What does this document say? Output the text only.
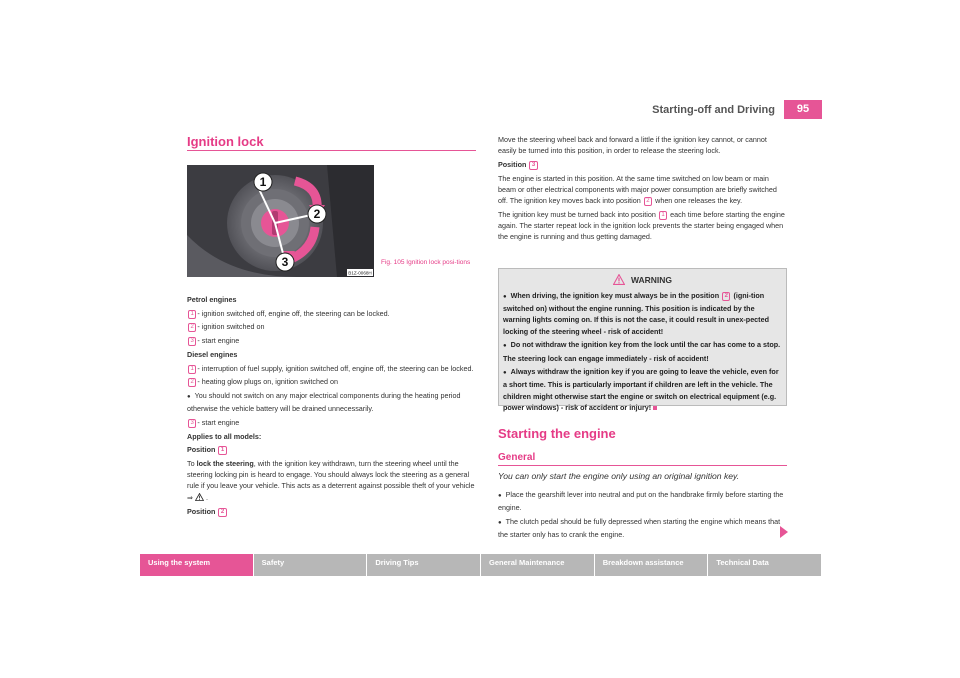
Starting-off and Driving	95
Ignition lock
1
2
3
B1Z-0068H
Fig. 105 Ignition lock posi-tions

Petrol engines

1 - ignition switched off, engine off, the steering can be locked.

2 - ignition switched on

3 - start engine

Diesel engines

1 - interruption of fuel supply, ignition switched off, engine off, the steering can be locked.

2 - heating glow plugs on, ignition switched on

● You should not switch on any major electrical components during the heating period otherwise the vehicle battery will be drained unnecessarily.

3 - start engine

Applies to all models:

Position 1

To lock the steering, with the ignition key withdrawn, turn the steering wheel until the steering locking pin is heard to engage. You should always lock the steering as a general rule if you leave your vehicle. This acts as a deterrent against possible theft of your vehicle ⇒  .

Position 2

Move the steering wheel back and forward a little if the ignition key cannot, or cannot easily be turned into this position, in order to release the steering lock.

Position 3

The engine is started in this position. At the same time switched on low beam or main beam or other electrical components with major power consumption are briefly switched off. The ignition key moves back into position 2 when one releases the key.

The ignition key must be turned back into position 1 each time before starting the engine again. The starter repeat lock in the ignition lock prevents the starter being engaged when the engine is running and thus getting damaged.

WARNING

● When driving, the ignition key must always be in the position 2 (igni-tion switched on) without the engine running. This position is indicated by the warning lights coming on. If this is not the case, it could result in unex-pected locking of the steering wheel - risk of accident!

● Do not withdraw the ignition key from the lock until the car has come to a stop. The steering lock can engage immediately - risk of accident!

● Always withdraw the ignition key if you are going to leave the vehicle, even for a short time. This is particularly important if children are left in the vehicle. The children might otherwise start the engine or switch on electrical equipment (e.g. power windows) - risk of accident or injury!

Starting the engine
General
You can only start the engine only using an original ignition key.

● Place the gearshift lever into neutral and put on the handbrake firmly before starting the engine.

● The clutch pedal should be fully depressed when starting the engine which means that the starter only has to crank the engine.

Using the system	Safety	Driving Tips	General Maintenance	Breakdown assistance	Technical Data
